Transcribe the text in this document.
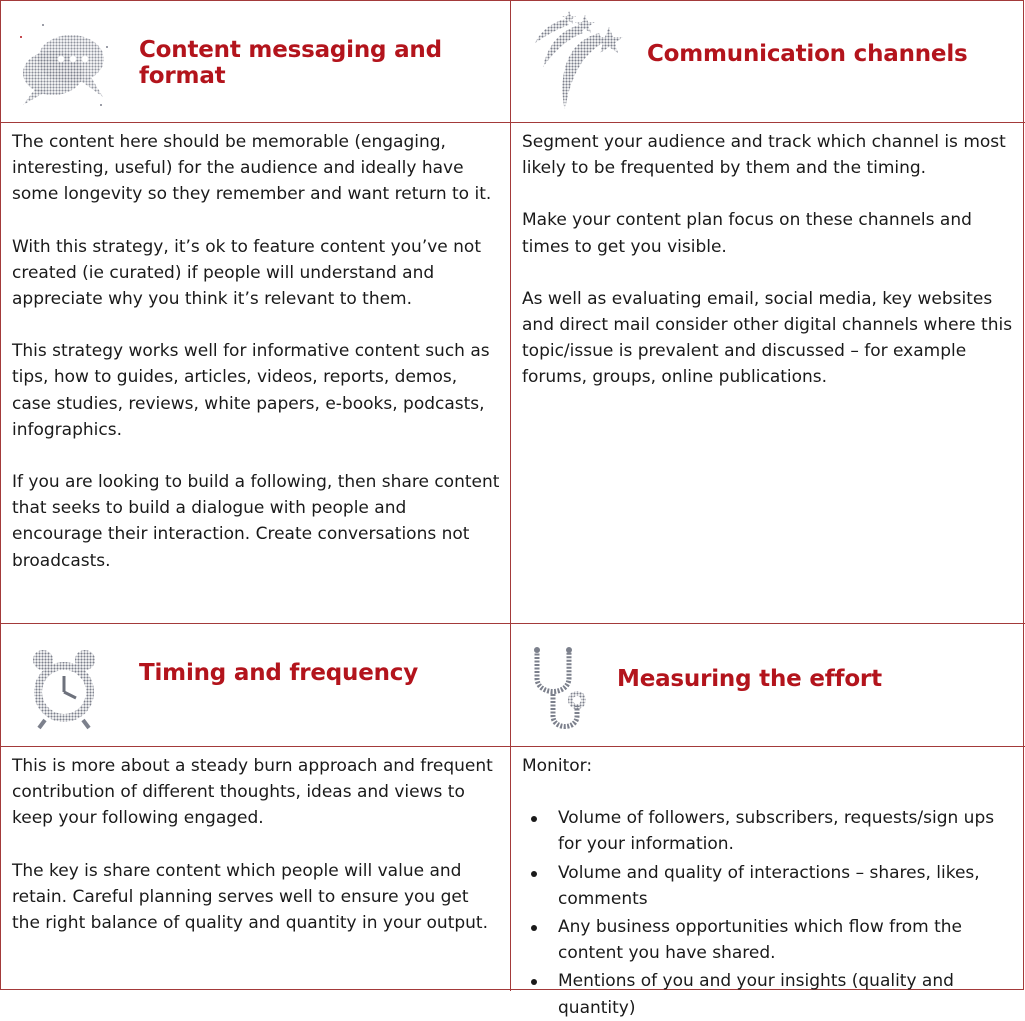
Content messaging and format
Communication channels

The content here should be memorable (engaging, interesting, useful) for the audience and ideally have some longevity so they remember and want return to it.

With this strategy, it’s ok to feature content you’ve not created (ie curated) if people will understand and appreciate why you think it’s relevant to them.

This strategy works well for informative content such as tips, how to guides, articles, videos, reports, demos, case studies, reviews, white papers, e-books, podcasts, infographics.

If you are looking to build a following, then share content that seeks to build a dialogue with people and encourage their interaction. Create conversations not broadcasts.

Segment your audience and track which channel is most likely to be frequented by them and the timing.

Make your content plan focus on these channels and times to get you visible.

As well as evaluating email, social media, key websites and direct mail consider other digital channels where this topic/issue is prevalent and discussed – for example forums, groups, online publications.

Timing and frequency	Measuring the effort

This is more about a steady burn approach and frequent contribution of different thoughts, ideas and views to keep your following engaged.

The key is share content which people will value and retain. Careful planning serves well to ensure you get the right balance of quality and quantity in your output.

Monitor:

Volume of followers, subscribers, requests/sign ups for your information.
Volume and quality of interactions – shares, likes, comments
Any business opportunities which flow from the content you have shared.
Mentions of you and your insights (quality and quantity)
